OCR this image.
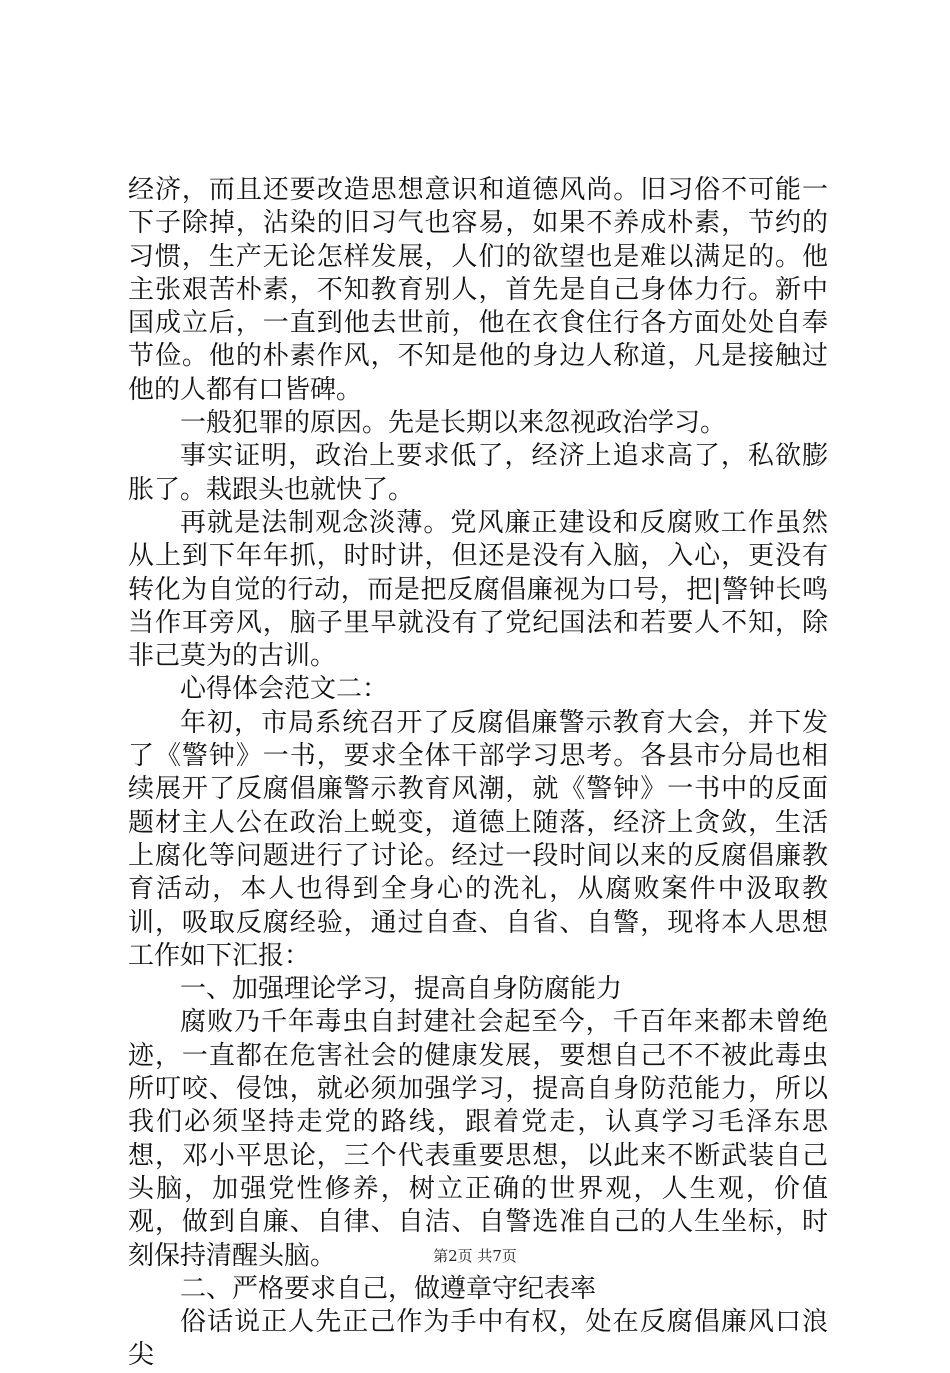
经济，而且还要改造思想意识和道德风尚。旧习俗不可能一下子除掉，沾染的旧习气也容易，如果不养成朴素，节约的习惯，生产无论怎样发展，人们的欲望也是难以满足的。他主张艰苦朴素，不知教育别人，首先是自己身体力行。新中国成立后，一直到他去世前，他在衣食住行各方面处处自奉节俭。他的朴素作风，不知是他的身边人称道，凡是接触过他的人都有口皆碑。

一般犯罪的原因。先是长期以来忽视政治学习。

事实证明，政治上要求低了，经济上追求高了，私欲膨胀了。栽跟头也就快了。

再就是法制观念淡薄。党风廉正建设和反腐败工作虽然从上到下年年抓，时时讲，但还是没有入脑，入心，更没有转化为自觉的行动，而是把反腐倡廉视为口号，把|警钟长鸣当作耳旁风，脑子里早就没有了党纪国法和若要人不知，除非己莫为的古训。

心得体会范文二：

年初，市局系统召开了反腐倡廉警示教育大会，并下发了《警钟》一书，要求全体干部学习思考。各县市分局也相续展开了反腐倡廉警示教育风潮，就《警钟》一书中的反面题材主人公在政治上蜕变，道德上随落，经济上贪敛，生活上腐化等问题进行了讨论。经过一段时间以来的反腐倡廉教育活动，本人也得到全身心的洗礼，从腐败案件中汲取教训，吸取反腐经验，通过自查、自省、自警，现将本人思想工作如下汇报：

一、加强理论学习，提高自身防腐能力

腐败乃千年毒虫自封建社会起至今，千百年来都未曾绝迹，一直都在危害社会的健康发展，要想自己不不被此毒虫所叮咬、侵蚀，就必须加强学习，提高自身防范能力，所以我们必须坚持走党的路线，跟着党走，认真学习毛泽东思想，邓小平思论，三个代表重要思想，以此来不断武装自己头脑，加强党性修养，树立正确的世界观，人生观，价值观，做到自廉、自律、自洁、自警选准自己的人生坐标，时刻保持清醒头脑。

二、严格要求自己，做遵章守纪表率

俗话说正人先正己作为手中有权，处在反腐倡廉风口浪尖

第2页 共7页
